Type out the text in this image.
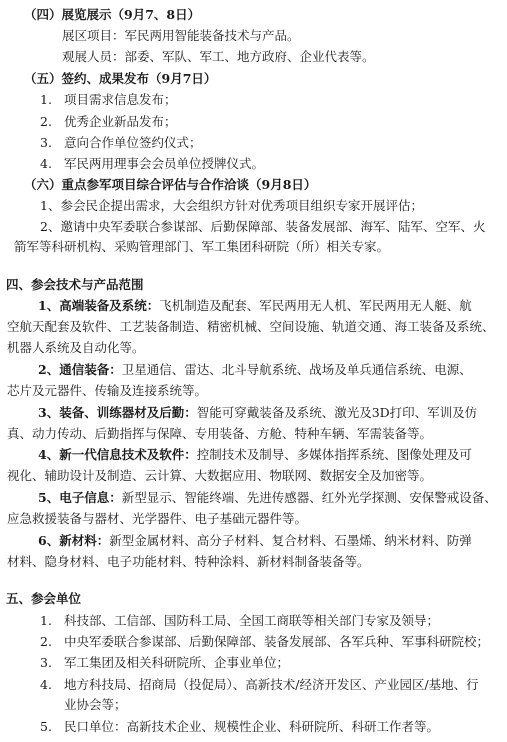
（四）展览展示（9月7、8日）
展区项目：军民两用智能装备技术与产品。
观展人员：部委、军队、军工、地方政府、企业代表等。
（五）签约、成果发布（9月7日）
1. 项目需求信息发布；
2. 优秀企业新品发布；
3. 意向合作单位签约仪式；
4. 军民两用理事会会员单位授牌仪式。
（六）重点参军项目综合评估与合作洽谈（9月8日）
1、参会民企提出需求，大会组织方针对优秀项目组织专家开展评估；
2、邀请中央军委联合参谋部、后勤保障部、装备发展部、海军、陆军、空军、火
箭军等科研机构、采购管理部门、军工集团科研院（所）相关专家。
四、参会技术与产品范围
1、高端装备及系统：飞机制造及配套、军民两用无人机、军民两用无人艇、航
空航天配套及软件、工艺装备制造、精密机械、空间设施、轨道交通、海工装备及系统、
机器人系统及自动化等。
2、通信装备：卫星通信、雷达、北斗导航系统、战场及单兵通信系统、电源、
芯片及元器件、传输及连接系统等。
3、装备、训练器材及后勤：智能可穿戴装备及系统、激光及3D打印、军训及仿
真、动力传动、后勤指挥与保障、专用装备、方舱、特种车辆、军需装备等。
4、新一代信息技术及软件：控制技术及制导、多媒体指挥系统、图像处理及可
视化、辅助设计及制造、云计算、大数据应用、物联网、数据安全及加密等。
5、电子信息：新型显示、智能终端、先进传感器、红外光学探测、安保警戒设备、
应急救援装备与器材、光学器件、电子基础元器件等。
6、新材料：新型金属材料、高分子材料、复合材料、石墨烯、纳米材料、防弹
材料、隐身材料、电子功能材料、特种涂料、新材料制备装备等。
五、参会单位
1. 科技部、工信部、国防科工局、全国工商联等相关部门专家及领导；
2. 中央军委联合参谋部、后勤保障部、装备发展部、各军兵种、军事科研院校；
3. 军工集团及相关科研院所、企事业单位；
4. 地方科技局、招商局（投促局）、高新技术/经济开发区、产业园区/基地、行
业协会等；
5. 民口单位：高新技术企业、规模性企业、科研院所、科研工作者等。
